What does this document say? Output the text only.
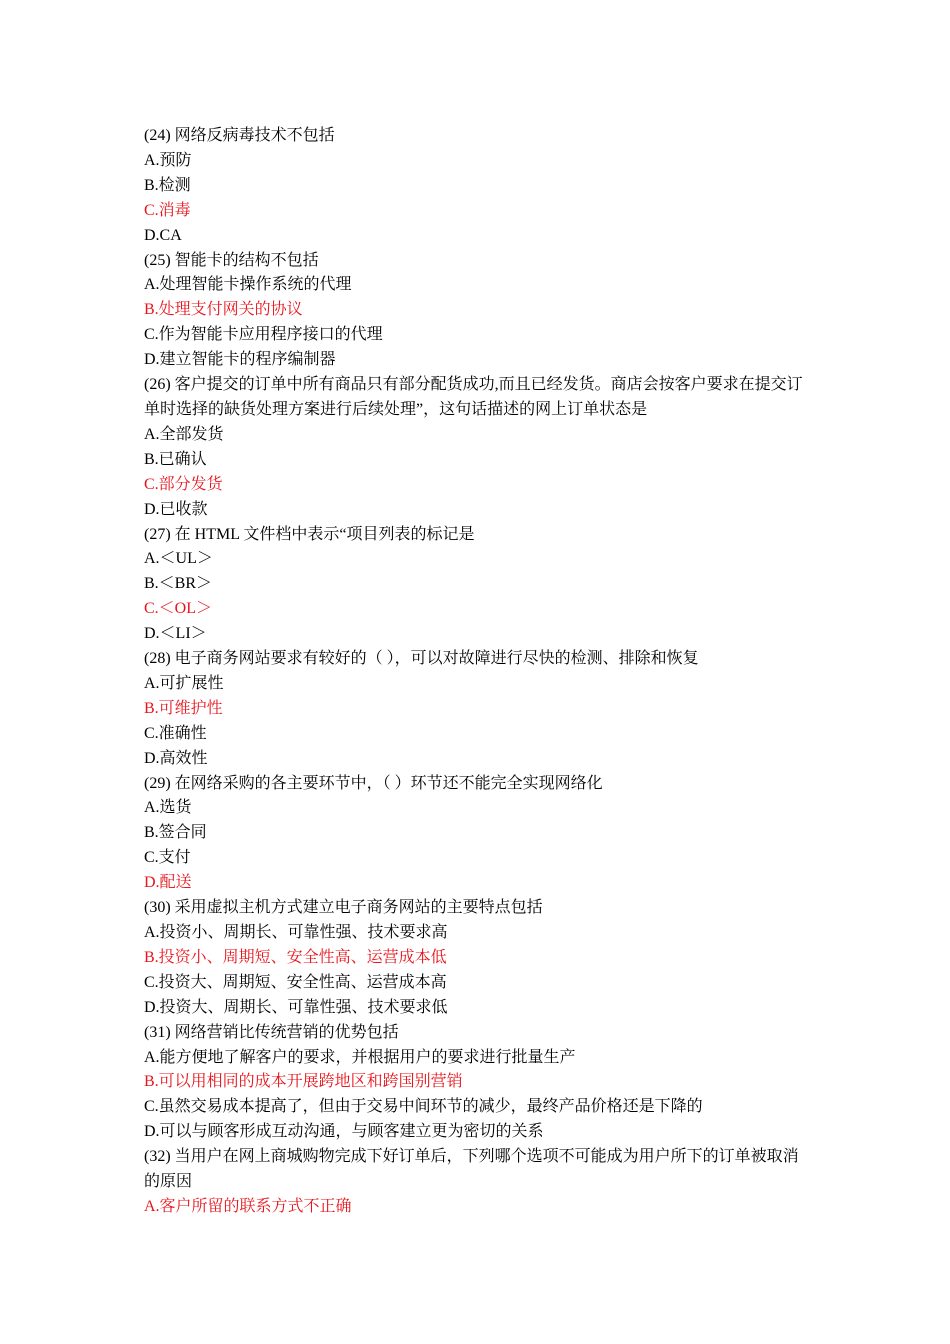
(24) 网络反病毒技术不包括

A.预防

B.检测

C.消毒

D.CA

(25) 智能卡的结构不包括

A.处理智能卡操作系统的代理

B.处理支付网关的协议

C.作为智能卡应用程序接口的代理

D.建立智能卡的程序编制器

(26) 客户提交的订单中所有商品只有部分配货成功,而且已经发货。商店会按客户要求在提交订单时选择的缺货处理方案进行后续处理”，这句话描述的网上订单状态是

A.全部发货

B.已确认

C.部分发货

D.已收款

(27) 在 HTML 文件档中表示“项目列表的标记是

A.＜UL＞

B.＜BR＞

C.＜OL＞

D.＜LI＞

(28) 电子商务网站要求有较好的（ ），可以对故障进行尽快的检测、排除和恢复

A.可扩展性

B.可维护性

C.准确性

D.高效性

(29) 在网络采购的各主要环节中，（ ）环节还不能完全实现网络化

A.选货

B.签合同

C.支付

D.配送

(30) 采用虚拟主机方式建立电子商务网站的主要特点包括

A.投资小、周期长、可靠性强、技术要求高

B.投资小、周期短、安全性高、运营成本低

C.投资大、周期短、安全性高、运营成本高

D.投资大、周期长、可靠性强、技术要求低

(31) 网络营销比传统营销的优势包括

A.能方便地了解客户的要求，并根据用户的要求进行批量生产

B.可以用相同的成本开展跨地区和跨国别营销

C.虽然交易成本提高了，但由于交易中间环节的减少，最终产品价格还是下降的

D.可以与顾客形成互动沟通，与顾客建立更为密切的关系

(32) 当用户在网上商城购物完成下好订单后，下列哪个选项不可能成为用户所下的订单被取消的原因

A.客户所留的联系方式不正确
